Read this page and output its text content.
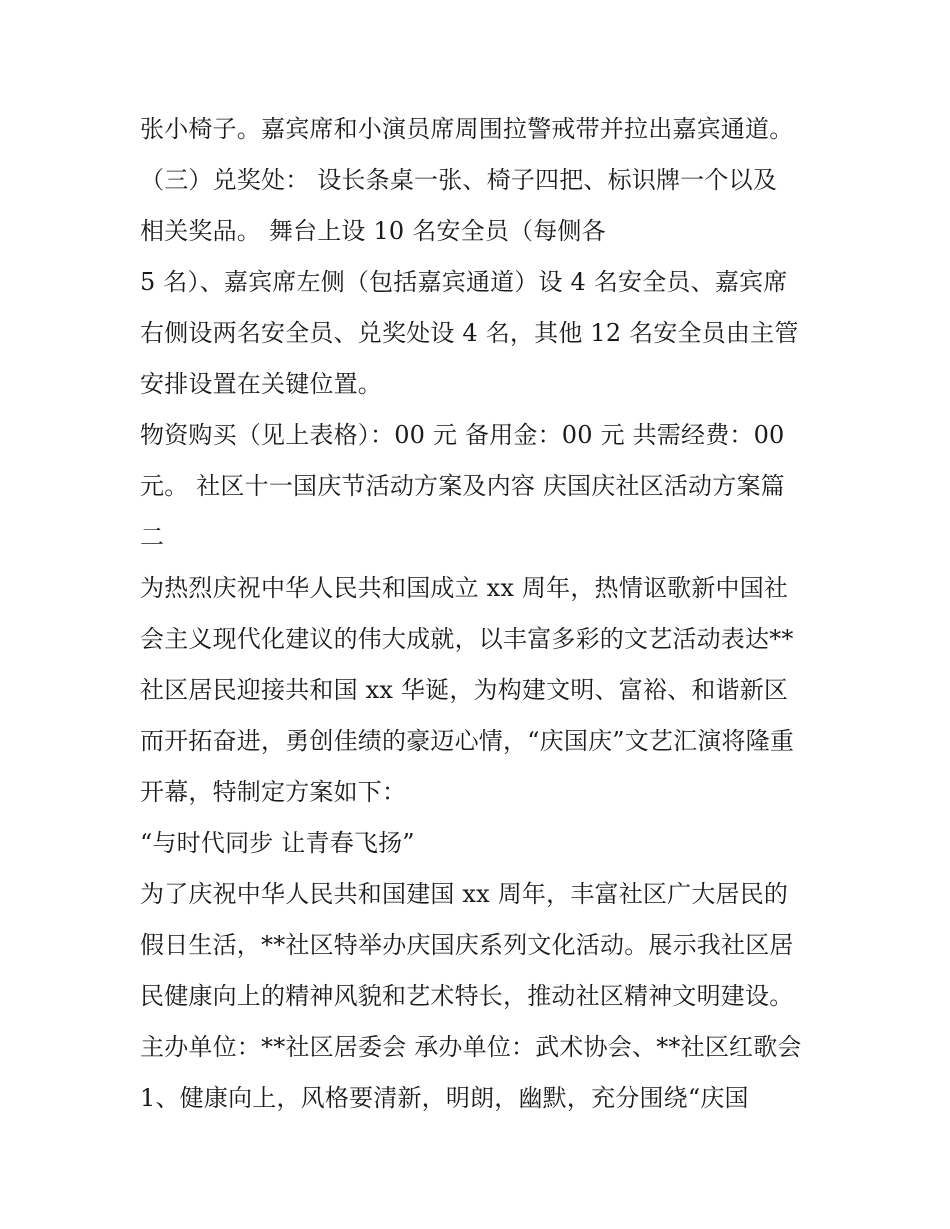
张小椅子。嘉宾席和小演员席周围拉警戒带并拉出嘉宾通道。
（三）兑奖处： 设长条桌一张、椅子四把、标识牌一个以及
相关奖品。 舞台上设 10 名安全员（每侧各
5 名）、嘉宾席左侧（包括嘉宾通道）设 4 名安全员、嘉宾席
右侧设两名安全员、兑奖处设 4 名，其他 12 名安全员由主管
安排设置在关键位置。
物资购买（见上表格）：00 元 备用金：00 元 共需经费：00
元。 社区十一国庆节活动方案及内容 庆国庆社区活动方案篇
二
为热烈庆祝中华人民共和国成立 xx 周年，热情讴歌新中国社
会主义现代化建议的伟大成就，以丰富多彩的文艺活动表达**
社区居民迎接共和国 xx 华诞，为构建文明、富裕、和谐新区
而开拓奋进，勇创佳绩的豪迈心情，“庆国庆”文艺汇演将隆重
开幕，特制定方案如下：
“与时代同步 让青春飞扬”
为了庆祝中华人民共和国建国 xx 周年，丰富社区广大居民的
假日生活，**社区特举办庆国庆系列文化活动。展示我社区居
民健康向上的精神风貌和艺术特长，推动社区精神文明建设。
主办单位：**社区居委会 承办单位：武术协会、**社区红歌会
1、健康向上，风格要清新，明朗，幽默，充分围绕“庆国
